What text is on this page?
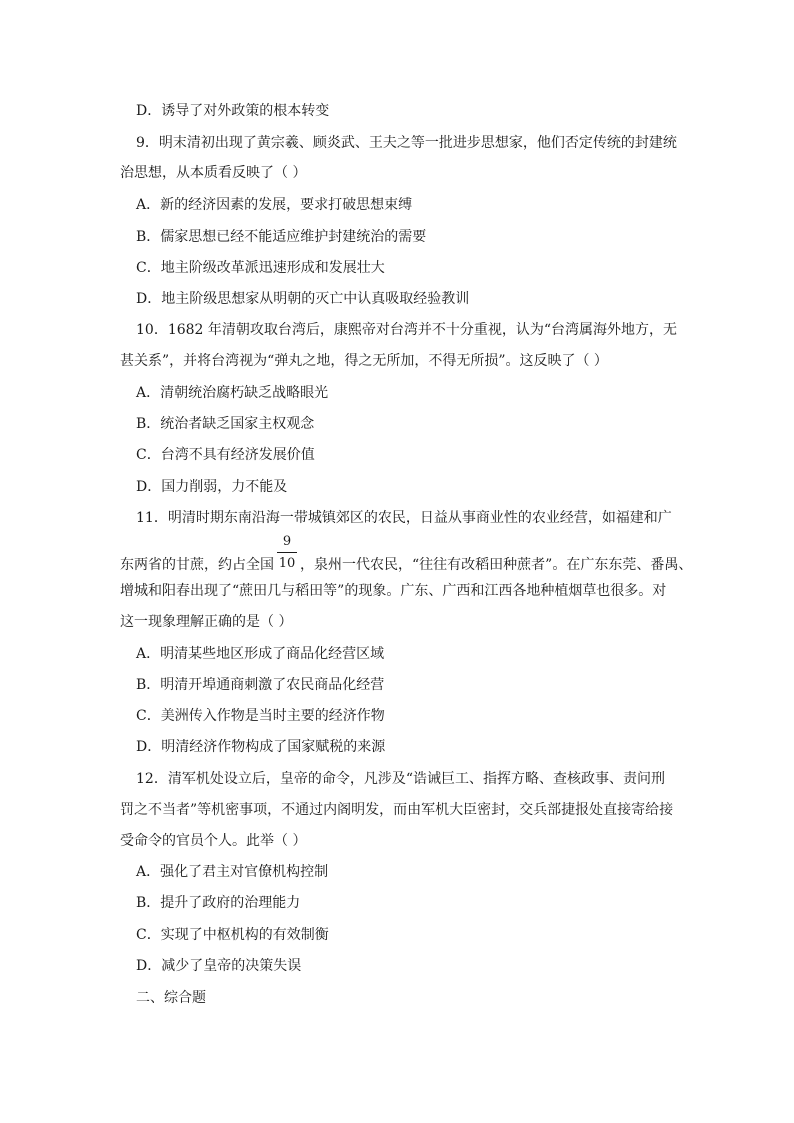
D．诱导了对外政策的根本转变
9．明末清初出现了黄宗羲、顾炎武、王夫之等一批进步思想家，他们否定传统的封建统
治思想，从本质看反映了（ ）
A．新的经济因素的发展，要求打破思想束缚
B．儒家思想已经不能适应维护封建统治的需要
C．地主阶级改革派迅速形成和发展壮大
D．地主阶级思想家从明朝的灭亡中认真吸取经验教训
10．1682 年清朝攻取台湾后，康熙帝对台湾并不十分重视，认为“台湾属海外地方，无
甚关系”，并将台湾视为“弹丸之地，得之无所加，不得无所损”。这反映了（ ）
A．清朝统治腐朽缺乏战略眼光
B．统治者缺乏国家主权观念
C．台湾不具有经济发展价值
D．国力削弱，力不能及
11．明清时期东南沿海一带城镇郊区的农民，日益从事商业性的农业经营，如福建和广
东两省的甘蔗，约占全国 $\frac{9}{10}$ ，泉州一代农民，“往往有改稻田种蔗者”。在广东东莞、番禺、
增城和阳春出现了“蔗田几与稻田等”的现象。广东、广西和江西各地种植烟草也很多。对
这一现象理解正确的是（ ）
A．明清某些地区形成了商品化经营区域
B．明清开埠通商刺激了农民商品化经营
C．美洲传入作物是当时主要的经济作物
D．明清经济作物构成了国家赋税的来源
12．清军机处设立后，皇帝的命令，凡涉及“诰诫巨工、指挥方略、查核政事、责问刑
罚之不当者”等机密事项，不通过内阁明发，而由军机大臣密封，交兵部捷报处直接寄给接
受命令的官员个人。此举（ ）
A．强化了君主对官僚机构控制
B．提升了政府的治理能力
C．实现了中枢机构的有效制衡
D．减少了皇帝的决策失误
二、综合题
